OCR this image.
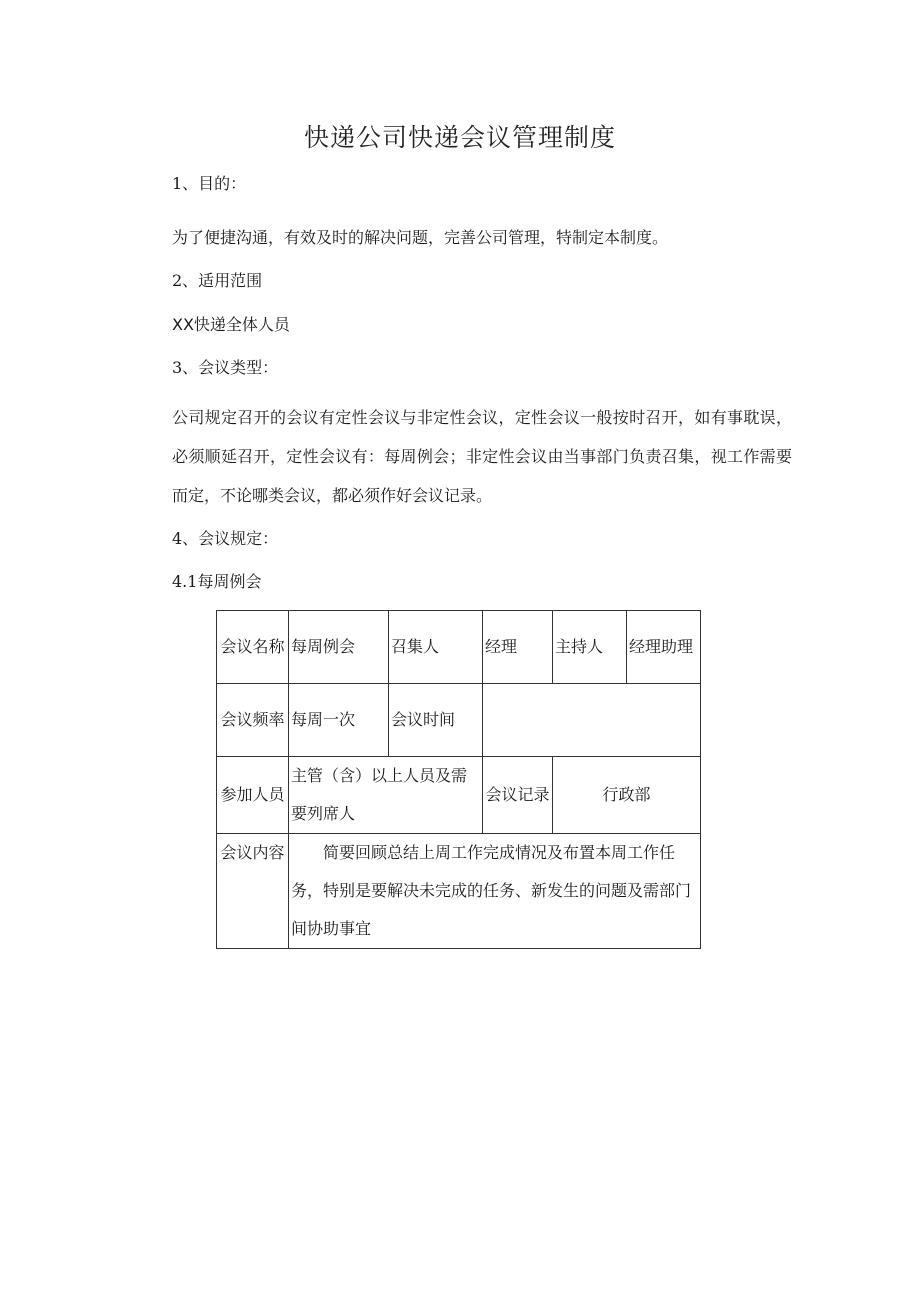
快递公司快递会议管理制度
1、目的：
为了便捷沟通，有效及时的解决问题，完善公司管理，特制定本制度。
2、适用范围
XX快递全体人员
3、会议类型：
公司规定召开的会议有定性会议与非定性会议，定性会议一般按时召开，如有事耽误，必须顺延召开，定性会议有：每周例会；非定性会议由当事部门负责召集，视工作需要而定，不论哪类会议，都必须作好会议记录。
4、会议规定：
4.1每周例会
会议名称	每周例会	召集人	经理	主持人	经理助理
会议频率	每周一次	会议时间			
参加人员	主管（含）以上人员及需要列席人		会议记录	行政部	
会议内容	简要回顾总结上周工作完成情况及布置本周工作任务，特别是要解决未完成的任务、新发生的问题及需部门间协助事宜				
